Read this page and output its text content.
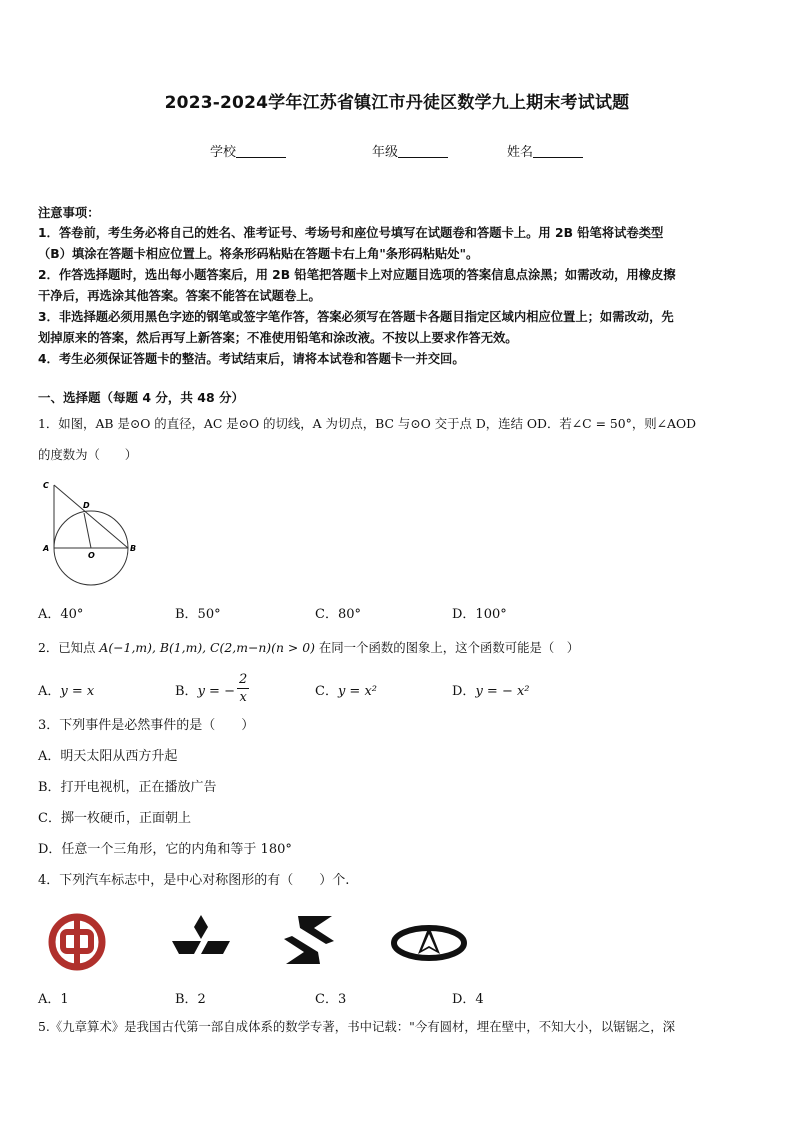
2023-2024学年江苏省镇江市丹徒区数学九上期末考试试题
学校	年级	姓名
注意事项：
1．答卷前，考生务必将自己的姓名、准考证号、考场号和座位号填写在试题卷和答题卡上。用 2B 铅笔将试卷类型
（B）填涂在答题卡相应位置上。将条形码粘贴在答题卡右上角"条形码粘贴处"。
2．作答选择题时，选出每小题答案后，用 2B 铅笔把答题卡上对应题目选项的答案信息点涂黑；如需改动，用橡皮擦
干净后，再选涂其他答案。答案不能答在试题卷上。
3．非选择题必须用黑色字迹的钢笔或签字笔作答，答案必须写在答题卡各题目指定区域内相应位置上；如需改动，先
划掉原来的答案，然后再写上新答案；不准使用铅笔和涂改液。不按以上要求作答无效。
4．考生必须保证答题卡的整洁。考试结束后，请将本试卷和答题卡一并交回。
一、选择题（每题 4 分，共 48 分）
1．如图，AB 是⊙O 的直径，AC 是⊙O 的切线，A 为切点，BC 与⊙O 交于点 D，连结 OD．若∠C = 50°，则∠AOD
的度数为（　　）
C
D
A
O
B
A．40°	B．50°	C．80°	D．100°
2．已知点 A(−1,m), B(1,m), C(2,m−n)(n > 0) 在同一个函数的图象上，这个函数可能是（　）
A．y = x	B．y = − $\frac{2}{x}$	C．y = x²	D．y = − x²
3．下列事件是必然事件的是（　　）
A．明天太阳从西方升起
B．打开电视机，正在播放广告
C．掷一枚硬币，正面朝上
D．任意一个三角形，它的内角和等于 180°
4．下列汽车标志中，是中心对称图形的有（　　）个.
A．1	B．2	C．3	D．4
5.《九章算术》是我国古代第一部自成体系的数学专著，书中记载："今有圆材，埋在壁中，不知大小，以锯锯之，深
